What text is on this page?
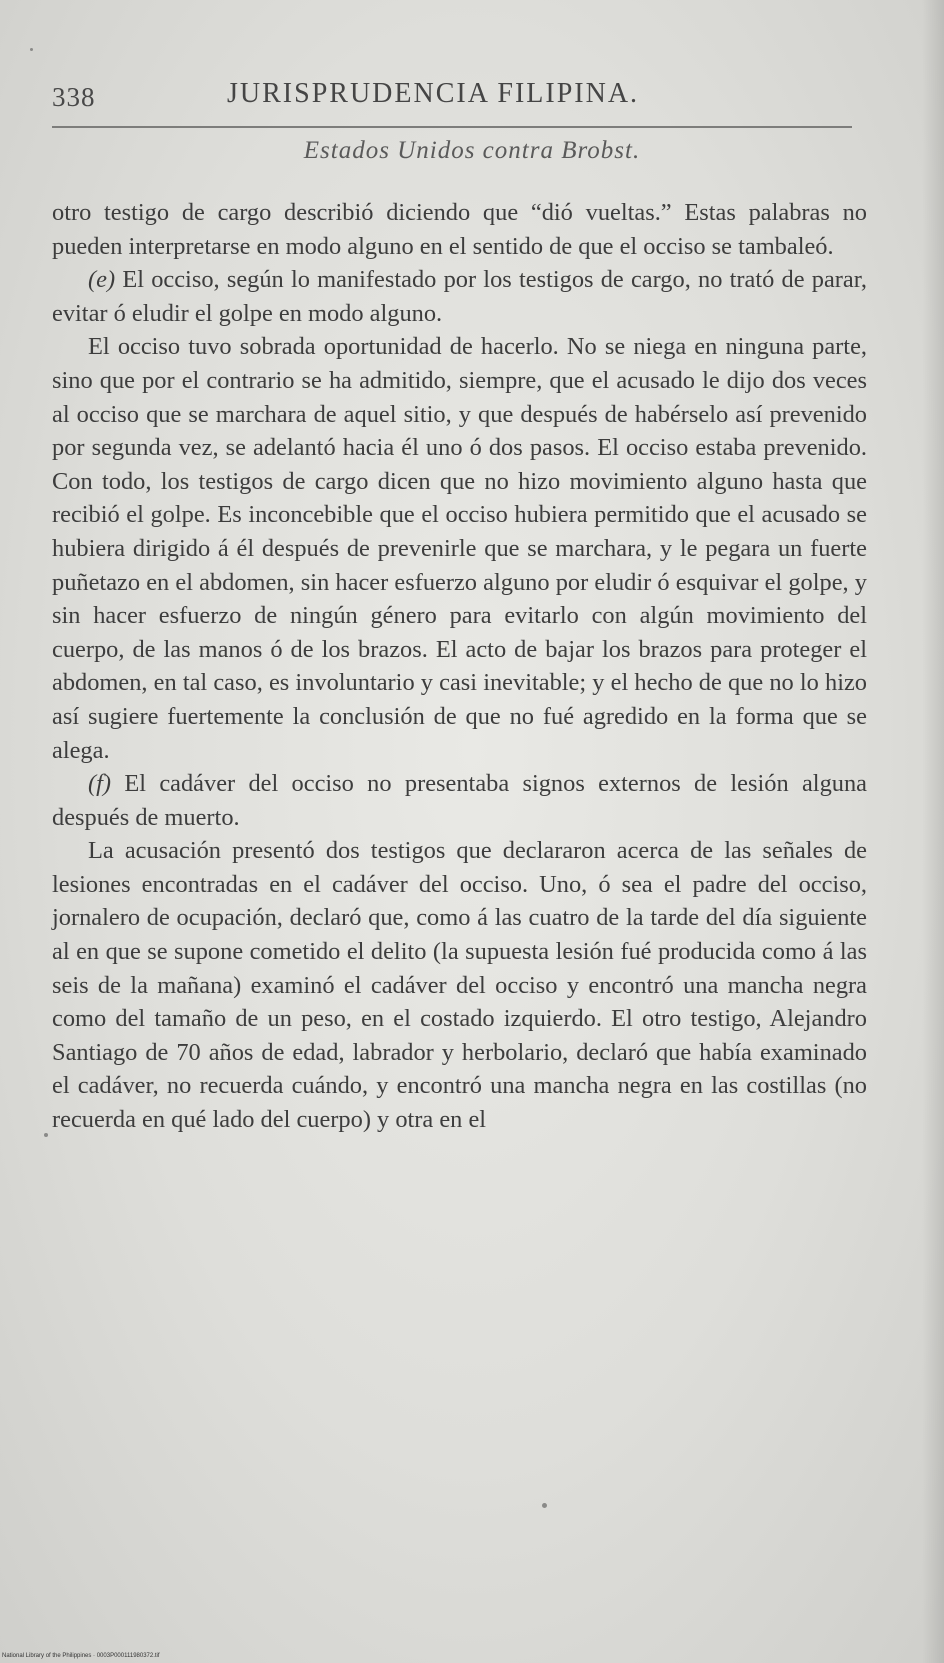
338	JURISPRUDENCIA FILIPINA.
Estados Unidos contra Brobst.

otro testigo de cargo describió diciendo que “dió vueltas.” Estas palabras no pueden interpretarse en modo alguno en el sentido de que el occiso se tambaleó.

(e) El occiso, según lo manifestado por los testigos de cargo, no trató de parar, evitar ó eludir el golpe en modo alguno.

El occiso tuvo sobrada oportunidad de hacerlo. No se niega en ninguna parte, sino que por el contrario se ha admitido, siempre, que el acusado le dijo dos veces al occiso que se marchara de aquel sitio, y que después de habérselo así prevenido por segunda vez, se adelantó hacia él uno ó dos pasos. El occiso estaba prevenido. Con todo, los testigos de cargo dicen que no hizo movimiento alguno hasta que recibió el golpe. Es inconcebible que el occiso hubiera permitido que el acusado se hubiera dirigido á él después de prevenirle que se marchara, y le pegara un fuerte puñetazo en el abdomen, sin hacer esfuerzo alguno por eludir ó esquivar el golpe, y sin hacer esfuerzo de ningún género para evitarlo con algún movimiento del cuerpo, de las manos ó de los brazos. El acto de bajar los brazos para proteger el abdomen, en tal caso, es involuntario y casi inevitable; y el hecho de que no lo hizo así sugiere fuertemente la conclusión de que no fué agredido en la forma que se alega.

(f) El cadáver del occiso no presentaba signos externos de lesión alguna después de muerto.

La acusación presentó dos testigos que declararon acerca de las señales de lesiones encontradas en el cadáver del occiso. Uno, ó sea el padre del occiso, jornalero de ocupación, declaró que, como á las cuatro de la tarde del día siguiente al en que se supone cometido el delito (la supuesta lesión fué producida como á las seis de la mañana) examinó el cadáver del occiso y encontró una mancha negra como del tamaño de un peso, en el costado izquierdo. El otro testigo, Alejandro Santiago de 70 años de edad, labrador y herbolario, declaró que había examinado el cadáver, no recuerda cuándo, y encontró una mancha negra en las costillas (no recuerda en qué lado del cuerpo) y otra en el

National Library of the Philippines · 0003P000111980372.tif
